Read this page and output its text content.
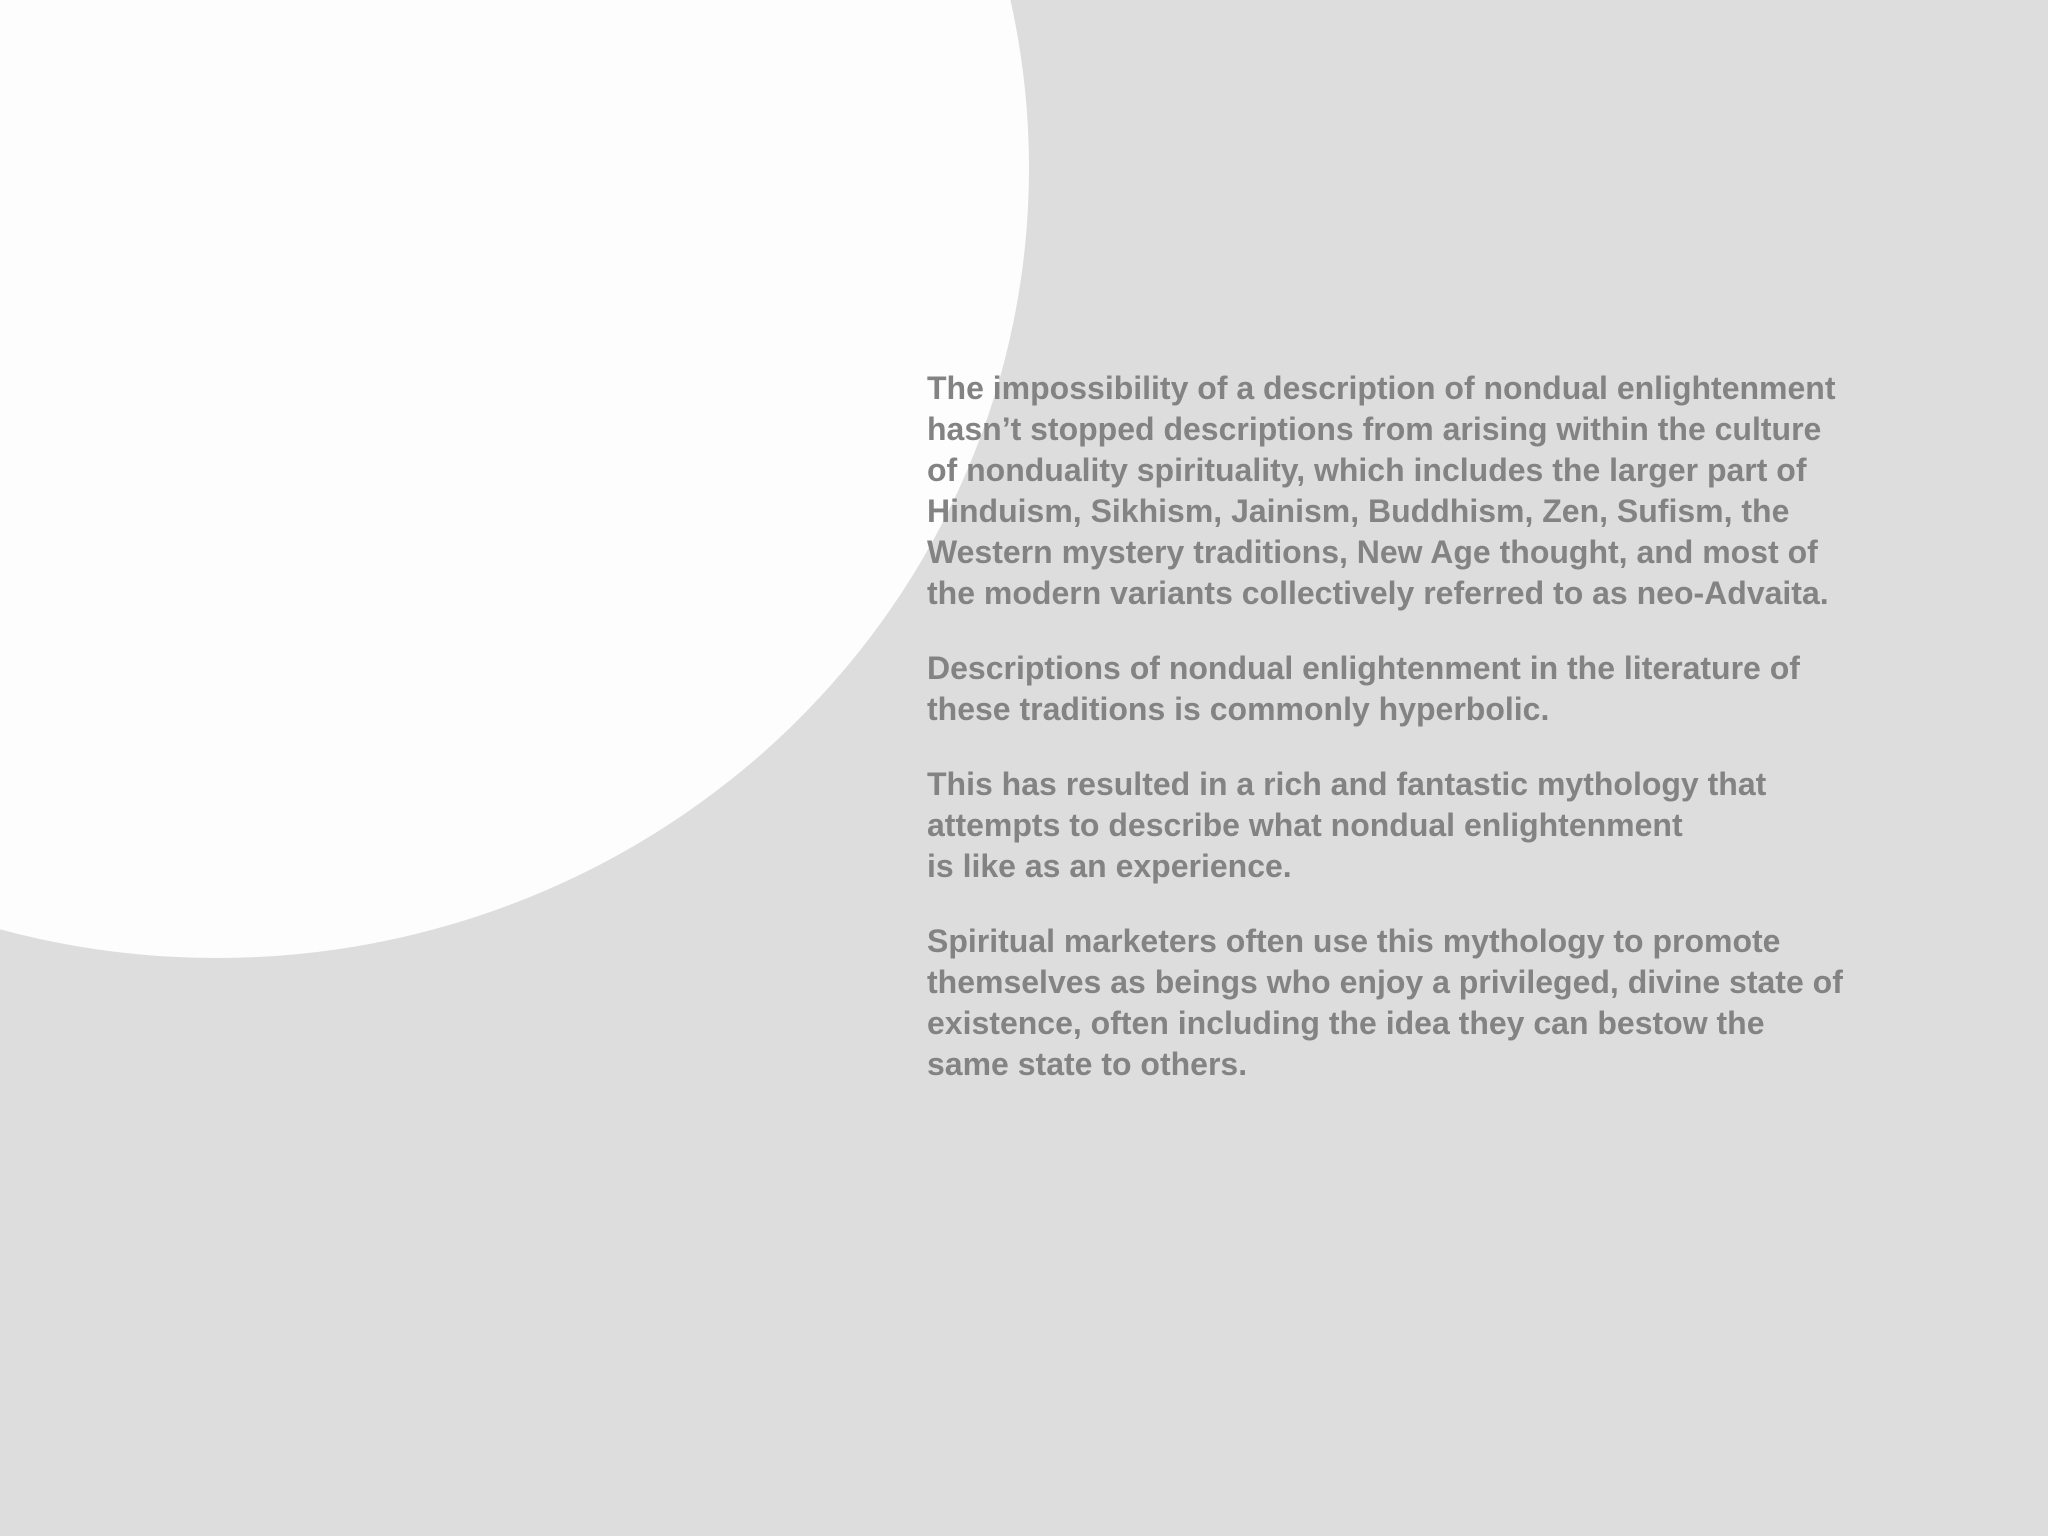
The impossibility of a description of nondual enlightenment
hasn’t stopped descriptions from arising within the culture
of nonduality spirituality, which includes the larger part of
Hinduism, Sikhism, Jainism, Buddhism, Zen, Sufism, the
Western mystery traditions, New Age thought, and most of
the modern variants collectively referred to as neo-Advaita.

Descriptions of nondual enlightenment in the literature of
these traditions is commonly hyperbolic.

This has resulted in a rich and fantastic mythology that
attempts to describe what nondual enlightenment
is like as an experience.

Spiritual marketers often use this mythology to promote
themselves as beings who enjoy a privileged, divine state of
existence, often including the idea they can bestow the
same state to others.
